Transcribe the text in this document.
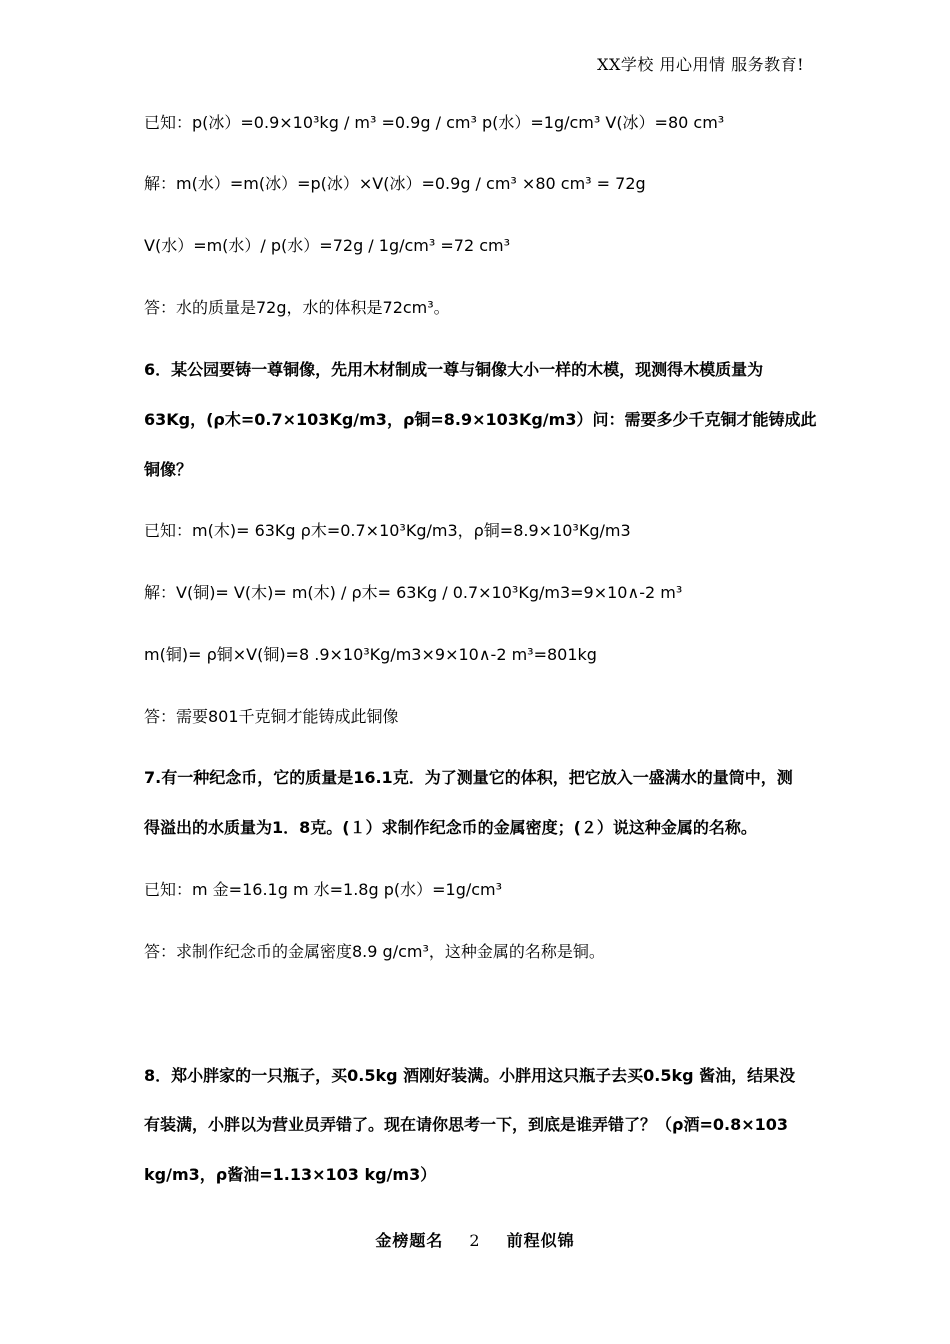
XX学校 用心用情 服务教育!
已知：p(冰）=0.9×10³kg / m³ =0.9g / cm³ p(水）=1g∕cm³ V(冰）=80 cm³
解：m(水）=m(冰）=p(冰）×V(冰）=0.9g / cm³ ×80 cm³ = 72g
V(水）=m(水）/ p(水）=72g / 1g∕cm³ =72 cm³
答：水的质量是72g，水的体积是72cm³。
6．某公园要铸一尊铜像，先用木材制成一尊与铜像大小一样的木模，现测得木模质量为
63Kg，(ρ木=0.7×103Kg/m3，ρ铜=8.9×103Kg/m3）问：需要多少千克铜才能铸成此
铜像？
已知：m(木)= 63Kg ρ木=0.7×10³Kg/m3，ρ铜=8.9×10³Kg/m3
解：V(铜)= V(木)= m(木) / ρ木= 63Kg / 0.7×10³Kg/m3=9×10∧-2 m³
m(铜)= ρ铜×V(铜)=8 .9×10³Kg/m3×9×10∧-2 m³=801kg
答：需要801千克铜才能铸成此铜像
7.有一种纪念币，它的质量是16.1克．为了测量它的体积，把它放入一盛满水的量筒中，测
得溢出的水质量为1．8克。(１）求制作纪念币的金属密度；(２）说这种金属的名称。
已知：m 金=16.1g m 水=1.8g p(水）=1g∕cm³
答：求制作纪念币的金属密度8.9 g∕cm³，这种金属的名称是铜。
8．郑小胖家的一只瓶子，买0.5kg 酒刚好装满。小胖用这只瓶子去买0.5kg 酱油，结果没
有装满，小胖以为营业员弄错了。现在请你思考一下，到底是谁弄错了？（ρ酒=0.8×103
kg/m3，ρ酱油=1.13×103 kg/m3）
金榜题名 2 前程似锦
